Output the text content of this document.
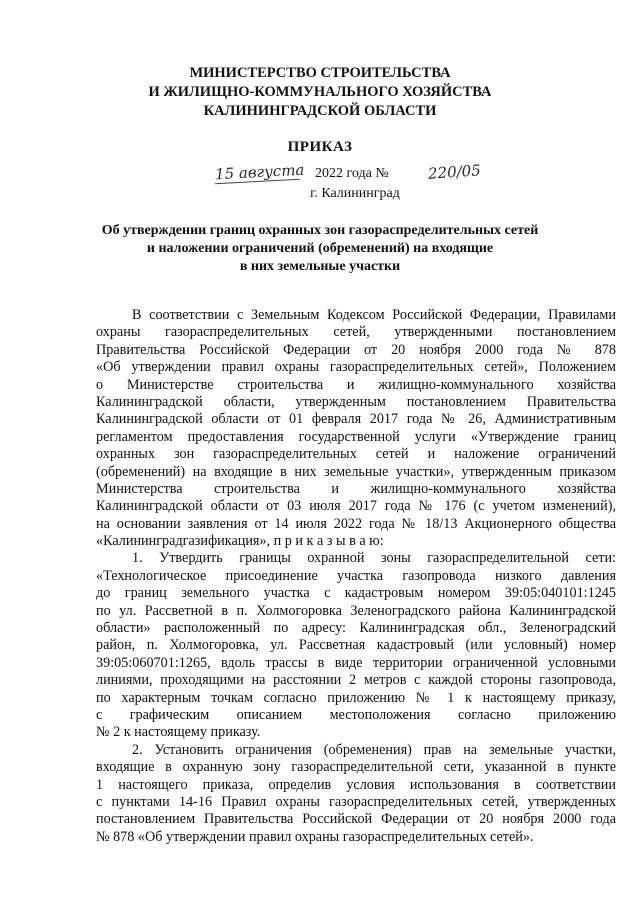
МИНИСТЕРСТВО СТРОИТЕЛЬСТВА
И ЖИЛИЩНО-КОММУНАЛЬНОГО ХОЗЯЙСТВА
КАЛИНИНГРАДСКОЙ ОБЛАСТИ
ПРИКАЗ
15 августа 2022 года №	220/05
г. Калининград
Об утверждении границ охранных зон газораспределительных сетей
и наложении ограничений (обременений) на входящие
в них земельные участки
В соответствии с Земельным Кодексом Российской Федерации, Правилами
охраны газораспределительных сетей, утвержденными постановлением
Правительства Российской Федерации от 20 ноября 2000 года № 878
«Об утверждении правил охраны газораспределительных сетей», Положением
о Министерстве строительства и жилищно-коммунального хозяйства
Калининградской области, утвержденным постановлением Правительства
Калининградской области от 01 февраля 2017 года № 26, Административным
регламентом предоставления государственной услуги «Утверждение границ
охранных зон газораспределительных сетей и наложение ограничений
(обременений) на входящие в них земельные участки», утвержденным приказом
Министерства строительства и жилищно-коммунального хозяйства
Калининградской области от 03 июля 2017 года № 176 (с учетом изменений),
на основании заявления от 14 июля 2022 года № 18/13 Акционерного общества
«Калининградгазификация», п р и к а з ы в а ю:
1. Утвердить границы охранной зоны газораспределительной сети:
«Технологическое присоединение участка газопровода низкого давления
до границ земельного участка с кадастровым номером 39:05:040101:1245
по ул. Рассветной в п. Холмогоровка Зеленоградского района Калининградской
области» расположенный по адресу: Калининградская обл., Зеленоградский
район, п. Холмогоровка, ул. Рассветная кадастровый (или условный) номер
39:05:060701:1265, вдоль трассы в виде территории ограниченной условными
линиями, проходящими на расстоянии 2 метров с каждой стороны газопровода,
по характерным точкам согласно приложению № 1 к настоящему приказу,
с графическим описанием местоположения согласно приложению
№ 2 к настоящему приказу.
2. Установить ограничения (обременения) прав на земельные участки,
входящие в охранную зону газораспределительной сети, указанной в пункте
1 настоящего приказа, определив условия использования в соответствии
с пунктами 14-16 Правил охраны газораспределительных сетей, утвержденных
постановлением Правительства Российской Федерации от 20 ноября 2000 года
№ 878 «Об утверждении правил охраны газораспределительных сетей».
